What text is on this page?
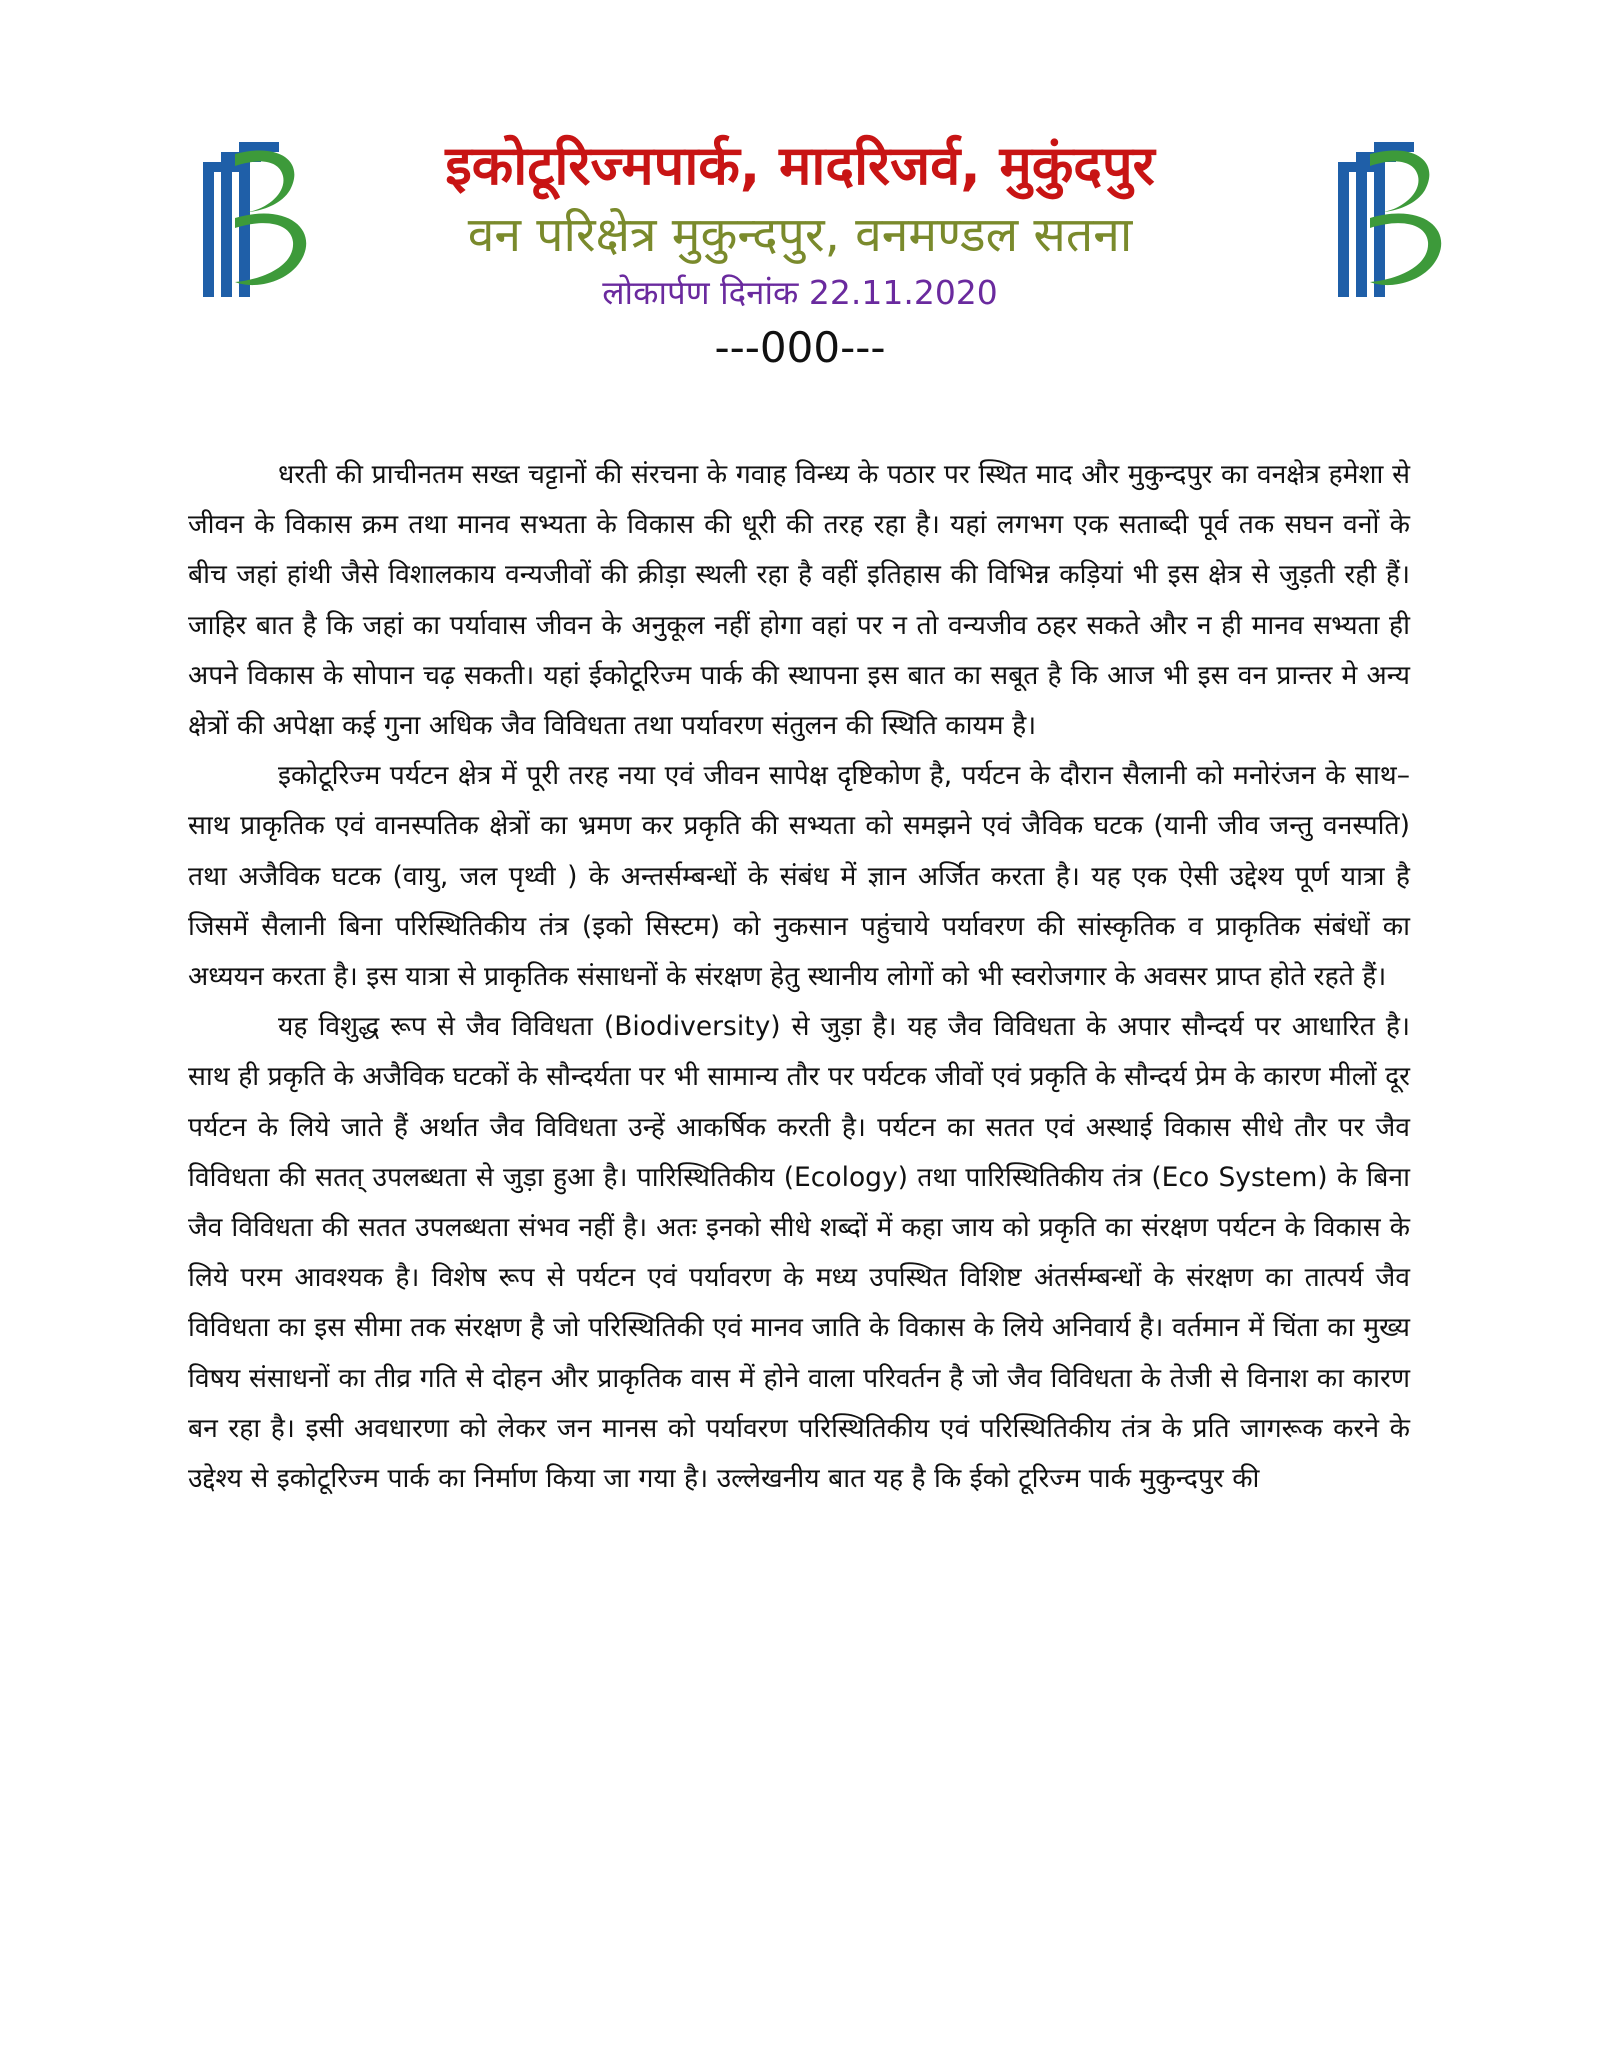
इकोटूरिज्मपार्क, मादरिजर्व, मुकुंदपुर
वन परिक्षेत्र मुकुन्दपुर, वनमण्डल सतना
लोकार्पण दिनांक 22.11.2020
---000---

धरती की प्राचीनतम सख्त चट्टानों की संरचना के गवाह विन्ध्य के पठार पर स्थित माद और मुकुन्दपुर का वनक्षेत्र हमेशा से जीवन के विकास क्रम तथा मानव सभ्यता के विकास की धूरी की तरह रहा है। यहां लगभग एक सताब्दी पूर्व तक सघन वनों के बीच जहां हांथी जैसे विशालकाय वन्यजीवों की क्रीड़ा स्थली रहा है वहीं इतिहास की विभिन्न कड़ियां भी इस क्षेत्र से जुड़ती रही हैं। जाहिर बात है कि जहां का पर्यावास जीवन के अनुकूल नहीं होगा वहां पर न तो वन्यजीव ठहर सकते और न ही मानव सभ्यता ही अपने विकास के सोपान चढ़ सकती। यहां ईकोटूरिज्म पार्क की स्थापना इस बात का सबूत है कि आज भी इस वन प्रान्तर मे अन्य क्षेत्रों की अपेक्षा कई गुना अधिक जैव विविधता तथा पर्यावरण संतुलन की स्थिति कायम है।

इकोटूरिज्म पर्यटन क्षेत्र में पूरी तरह नया एवं जीवन सापेक्ष दृष्टिकोण है, पर्यटन के दौरान सैलानी को मनोरंजन के साथ–साथ प्राकृतिक एवं वानस्पतिक क्षेत्रों का भ्रमण कर प्रकृति की सभ्यता को समझने एवं जैविक घटक (यानी जीव जन्तु वनस्पति) तथा अजैविक घटक (वायु, जल पृथ्वी ) के अन्तर्सम्बन्धों के संबंध में ज्ञान अर्जित करता है। यह एक ऐसी उद्देश्य पूर्ण यात्रा है जिसमें सैलानी बिना परिस्थितिकीय तंत्र (इको सिस्टम) को नुकसान पहुंचाये पर्यावरण की सांस्कृतिक व प्राकृतिक संबंधों का अध्ययन करता है। इस यात्रा से प्राकृतिक संसाधनों के संरक्षण हेतु स्थानीय लोगों को भी स्वरोजगार के अवसर प्राप्त होते रहते हैं।

यह विशुद्ध रूप से जैव विविधता (Biodiversity) से जुड़ा है। यह जैव विविधता के अपार सौन्दर्य पर आधारित है। साथ ही प्रकृति के अजैविक घटकों के सौन्दर्यता पर भी सामान्य तौर पर पर्यटक जीवों एवं प्रकृति के सौन्दर्य प्रेम के कारण मीलों दूर पर्यटन के लिये जाते हैं अर्थात जैव विविधता उन्हें आकर्षिक करती है। पर्यटन का सतत एवं अस्थाई विकास सीधे तौर पर जैव विविधता की सतत् उपलब्धता से जुड़ा हुआ है। पारिस्थितिकीय (Ecology) तथा पारिस्थितिकीय तंत्र (Eco System) के बिना जैव विविधता की सतत उपलब्धता संभव नहीं है। अतः इनको सीधे शब्दों में कहा जाय को प्रकृति का संरक्षण पर्यटन के विकास के लिये परम आवश्यक है। विशेष रूप से पर्यटन एवं पर्यावरण के मध्य उपस्थित विशिष्ट अंतर्सम्बन्धों के संरक्षण का तात्पर्य जैव विविधता का इस सीमा तक संरक्षण है जो परिस्थितिकी एवं मानव जाति के विकास के लिये अनिवार्य है। वर्तमान में चिंता का मुख्य विषय संसाधनों का तीव्र गति से दोहन और प्राकृतिक वास में होने वाला परिवर्तन है जो जैव विविधता के तेजी से विनाश का कारण बन रहा है। इसी अवधारणा को लेकर जन मानस को पर्यावरण परिस्थितिकीय एवं परिस्थितिकीय तंत्र के प्रति जागरूक करने के उद्देश्य से इकोटूरिज्म पार्क का निर्माण किया जा गया है। उल्लेखनीय बात यह है कि ईको टूरिज्म पार्क मुकुन्दपुर की
